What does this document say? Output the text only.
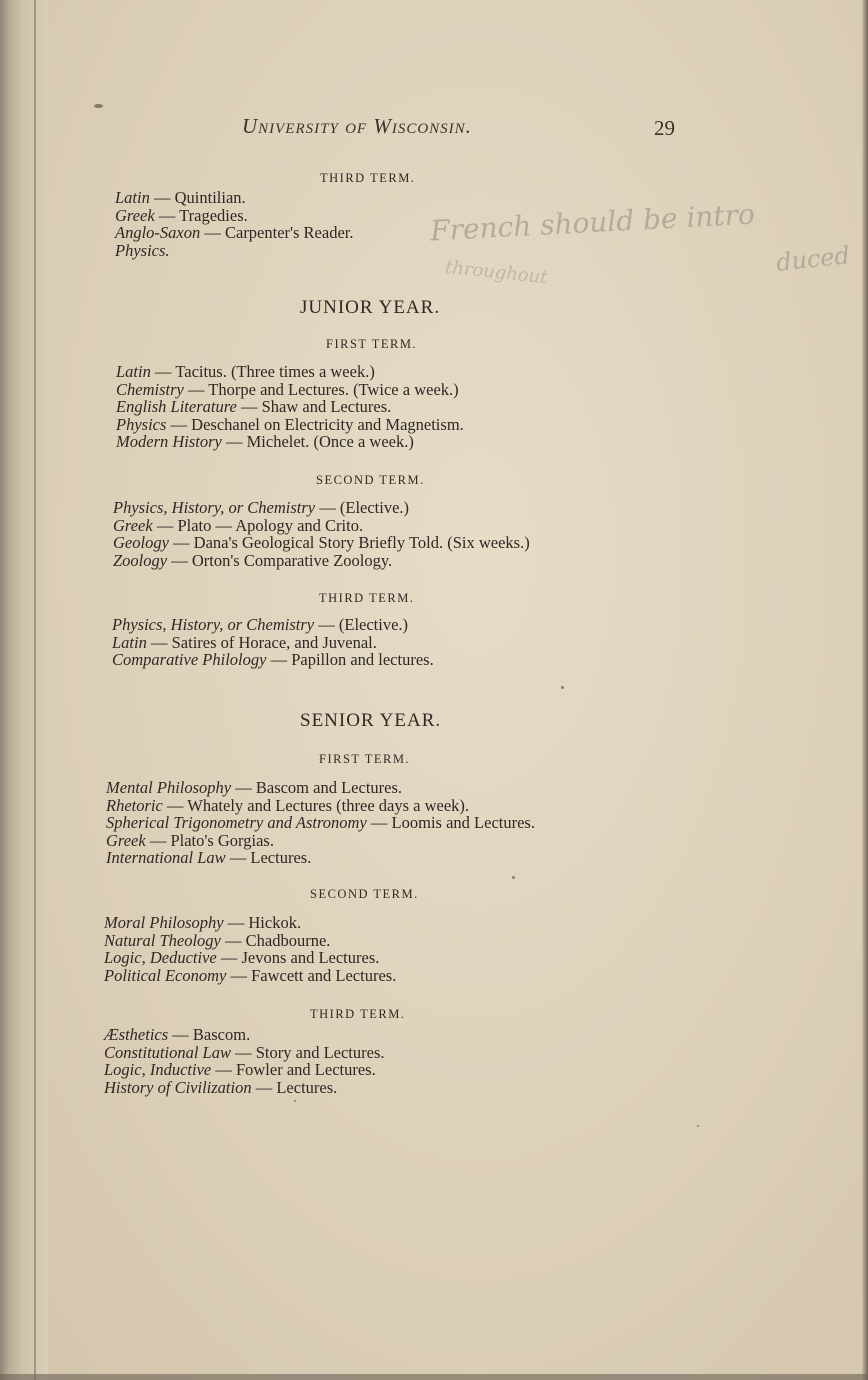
University of Wisconsin.	29
THIRD TERM.
Latin — Quintilian.
Greek — Tragedies.
Anglo-Saxon — Carpenter's Reader.
Physics.
JUNIOR YEAR.
FIRST TERM.
Latin — Tacitus. (Three times a week.)
Chemistry — Thorpe and Lectures. (Twice a week.)
English Literature — Shaw and Lectures.
Physics — Deschanel on Electricity and Magnetism.
Modern History — Michelet. (Once a week.)
SECOND TERM.
Physics, History, or Chemistry — (Elective.)
Greek — Plato — Apology and Crito.
Geology — Dana's Geological Story Briefly Told. (Six weeks.)
Zoology — Orton's Comparative Zoology.
THIRD TERM.
Physics, History, or Chemistry — (Elective.)
Latin — Satires of Horace, and Juvenal.
Comparative Philology — Papillon and lectures.
SENIOR YEAR.
FIRST TERM.
Mental Philosophy — Bascom and Lectures.
Rhetoric — Whately and Lectures (three days a week).
Spherical Trigonometry and Astronomy — Loomis and Lectures.
Greek — Plato's Gorgias.
International Law — Lectures.
SECOND TERM.
Moral Philosophy — Hickok.
Natural Theology — Chadbourne.
Logic, Deductive — Jevons and Lectures.
Political Economy — Fawcett and Lectures.
THIRD TERM.
Æsthetics — Bascom.
Constitutional Law — Story and Lectures.
Logic, Inductive — Fowler and Lectures.
History of Civilization — Lectures.
French should be intro
duced
throughout
